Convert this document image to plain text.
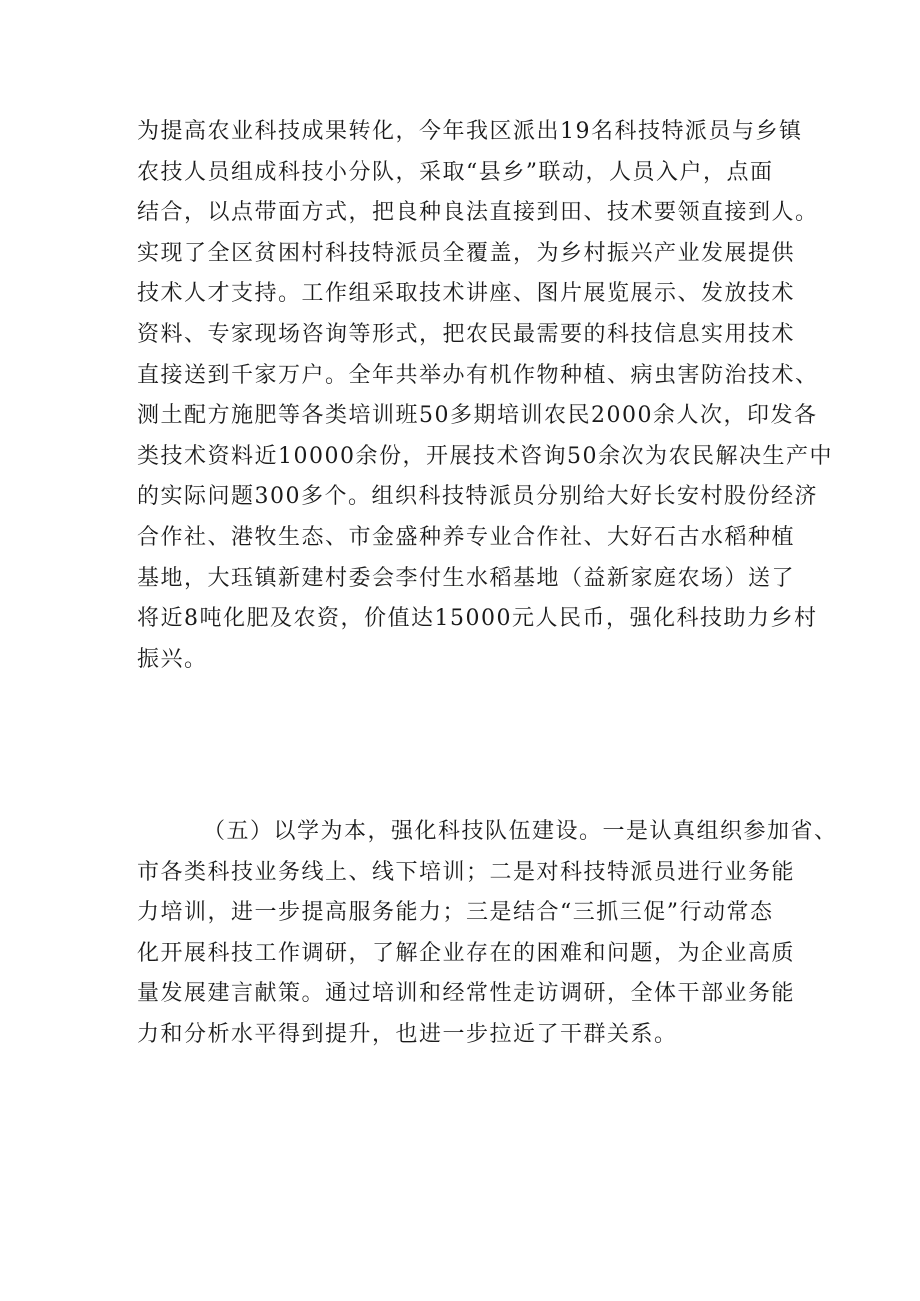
为提高农业科技成果转化，今年我区派出19名科技特派员与乡镇
农技人员组成科技小分队，采取“县乡”联动，人员入户，点面
结合，以点带面方式，把良种良法直接到田、技术要领直接到人。
实现了全区贫困村科技特派员全覆盖，为乡村振兴产业发展提供
技术人才支持。工作组采取技术讲座、图片展览展示、发放技术
资料、专家现场咨询等形式，把农民最需要的科技信息实用技术
直接送到千家万户。全年共举办有机作物种植、病虫害防治技术、
测土配方施肥等各类培训班50多期培训农民2000余人次，印发各
类技术资料近10000余份，开展技术咨询50余次为农民解决生产中
的实际问题300多个。组织科技特派员分别给大好长安村股份经济
合作社、港牧生态、市金盛种养专业合作社、大好石古水稻种植
基地，大珏镇新建村委会李付生水稻基地（益新家庭农场）送了
将近8吨化肥及农资，价值达15000元人民币，强化科技助力乡村
振兴。

（五）以学为本，强化科技队伍建设。一是认真组织参加省、
市各类科技业务线上、线下培训；二是对科技特派员进行业务能
力培训，进一步提高服务能力；三是结合“三抓三促”行动常态
化开展科技工作调研，了解企业存在的困难和问题，为企业高质
量发展建言献策。通过培训和经常性走访调研，全体干部业务能
力和分析水平得到提升，也进一步拉近了干群关系。
